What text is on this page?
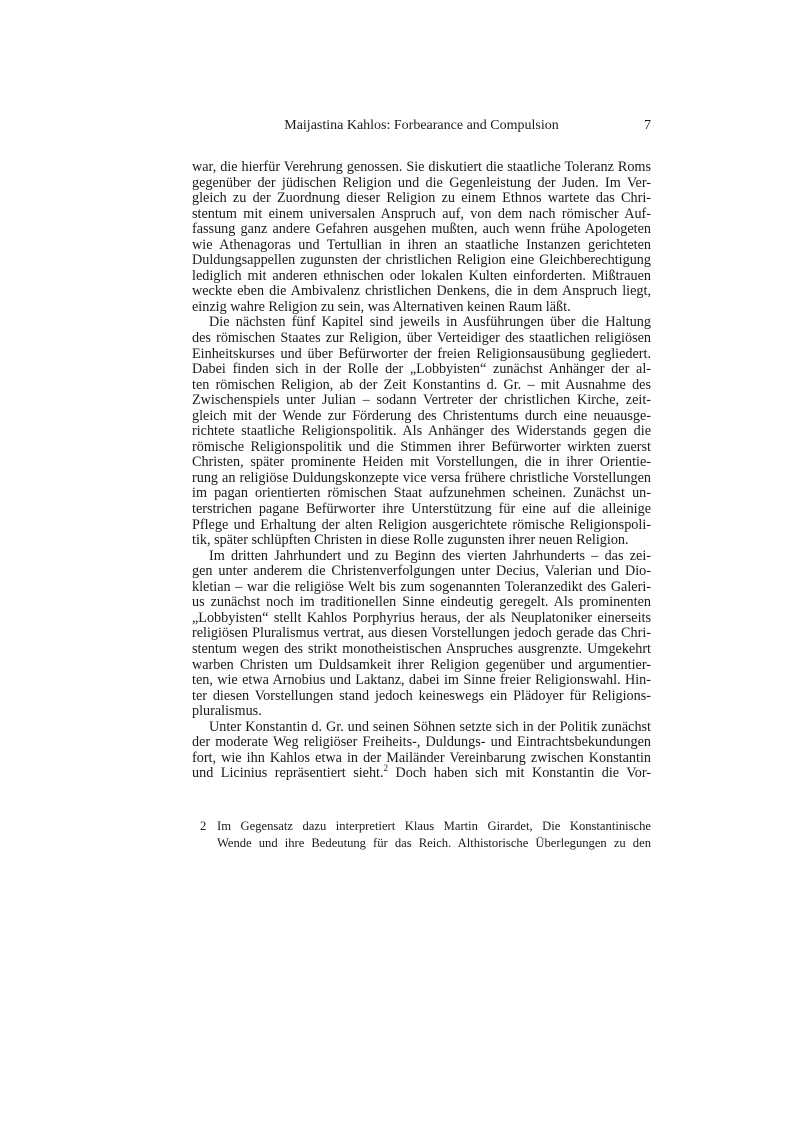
Maijastina Kahlos: Forbearance and Compulsion	7
war, die hierfür Verehrung genossen. Sie diskutiert die staatliche Toleranz Roms
gegenüber der jüdischen Religion und die Gegenleistung der Juden. Im Ver-
gleich zu der Zuordnung dieser Religion zu einem Ethnos wartete das Chri-
stentum mit einem universalen Anspruch auf, von dem nach römischer Auf-
fassung ganz andere Gefahren ausgehen mußten, auch wenn frühe Apologeten
wie Athenagoras und Tertullian in ihren an staatliche Instanzen gerichteten
Duldungsappellen zugunsten der christlichen Religion eine Gleichberechtigung
lediglich mit anderen ethnischen oder lokalen Kulten einforderten. Mißtrauen
weckte eben die Ambivalenz christlichen Denkens, die in dem Anspruch liegt,
einzig wahre Religion zu sein, was Alternativen keinen Raum läßt.
Die nächsten fünf Kapitel sind jeweils in Ausführungen über die Haltung
des römischen Staates zur Religion, über Verteidiger des staatlichen religiösen
Einheitskurses und über Befürworter der freien Religionsausübung gegliedert.
Dabei finden sich in der Rolle der „Lobbyisten“ zunächst Anhänger der al-
ten römischen Religion, ab der Zeit Konstantins d. Gr. – mit Ausnahme des
Zwischenspiels unter Julian – sodann Vertreter der christlichen Kirche, zeit-
gleich mit der Wende zur Förderung des Christentums durch eine neuausge-
richtete staatliche Religionspolitik. Als Anhänger des Widerstands gegen die
römische Religionspolitik und die Stimmen ihrer Befürworter wirkten zuerst
Christen, später prominente Heiden mit Vorstellungen, die in ihrer Orientie-
rung an religiöse Duldungskonzepte vice versa frühere christliche Vorstellungen
im pagan orientierten römischen Staat aufzunehmen scheinen. Zunächst un-
terstrichen pagane Befürworter ihre Unterstützung für eine auf die alleinige
Pflege und Erhaltung der alten Religion ausgerichtete römische Religionspoli-
tik, später schlüpften Christen in diese Rolle zugunsten ihrer neuen Religion.
Im dritten Jahrhundert und zu Beginn des vierten Jahrhunderts – das zei-
gen unter anderem die Christenverfolgungen unter Decius, Valerian und Dio-
kletian – war die religiöse Welt bis zum sogenannten Toleranzedikt des Galeri-
us zunächst noch im traditionellen Sinne eindeutig geregelt. Als prominenten
„Lobbyisten“ stellt Kahlos Porphyrius heraus, der als Neuplatoniker einerseits
religiösen Pluralismus vertrat, aus diesen Vorstellungen jedoch gerade das Chri-
stentum wegen des strikt monotheistischen Anspruches ausgrenzte. Umgekehrt
warben Christen um Duldsamkeit ihrer Religion gegenüber und argumentier-
ten, wie etwa Arnobius und Laktanz, dabei im Sinne freier Religionswahl. Hin-
ter diesen Vorstellungen stand jedoch keineswegs ein Plädoyer für Religions-
pluralismus.
Unter Konstantin d. Gr. und seinen Söhnen setzte sich in der Politik zunächst
der moderate Weg religiöser Freiheits-, Duldungs- und Eintrachtsbekundungen
fort, wie ihn Kahlos etwa in der Mailänder Vereinbarung zwischen Konstantin
und Licinius repräsentiert sieht.$^2$ Doch haben sich mit Konstantin die Vor-
2 Im Gegensatz dazu interpretiert Klaus Martin Girardet, Die Konstantinische
Wende und ihre Bedeutung für das Reich. Althistorische Überlegungen zu den
